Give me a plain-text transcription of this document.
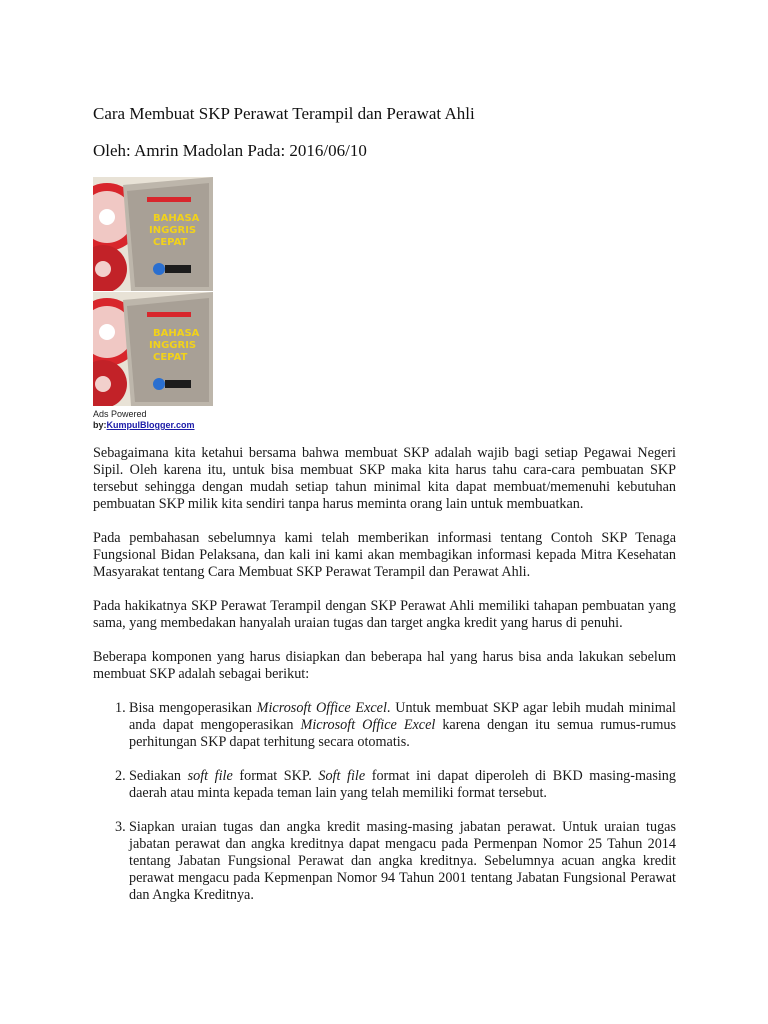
Cara Membuat SKP Perawat Terampil dan Perawat Ahli

Oleh: Amrin Madolan Pada: 2016/06/10

BAHASA
INGGRIS
CEPAT
BAHASA
INGGRIS
CEPAT
Ads Powered
by:KumpulBlogger.com

Sebagaimana kita ketahui bersama bahwa membuat SKP adalah wajib bagi setiap Pegawai Negeri Sipil. Oleh karena itu, untuk bisa membuat SKP maka kita harus tahu cara-cara pembuatan SKP tersebut sehingga dengan mudah setiap tahun minimal kita dapat membuat/memenuhi kebutuhan pembuatan SKP milik kita sendiri tanpa harus meminta orang lain untuk membuatkan.

Pada pembahasan sebelumnya kami telah memberikan informasi tentang Contoh SKP Tenaga Fungsional Bidan Pelaksana, dan kali ini kami akan membagikan informasi kepada Mitra Kesehatan Masyarakat tentang Cara Membuat SKP Perawat Terampil dan Perawat Ahli.

Pada hakikatnya SKP Perawat Terampil dengan SKP Perawat Ahli memiliki tahapan pembuatan yang sama, yang membedakan hanyalah uraian tugas dan target angka kredit yang harus di penuhi.

Beberapa komponen yang harus disiapkan dan beberapa hal yang harus bisa anda lakukan sebelum membuat SKP adalah sebagai berikut:

1. Bisa mengoperasikan Microsoft Office Excel. Untuk membuat SKP agar lebih mudah minimal anda dapat mengoperasikan Microsoft Office Excel karena dengan itu semua rumus-rumus perhitungan SKP dapat terhitung secara otomatis.
2. Sediakan soft file format SKP. Soft file format ini dapat diperoleh di BKD masing-masing daerah atau minta kepada teman lain yang telah memiliki format tersebut.
3. Siapkan uraian tugas dan angka kredit masing-masing jabatan perawat. Untuk uraian tugas jabatan perawat dan angka kreditnya dapat mengacu pada Permenpan Nomor 25 Tahun 2014 tentang Jabatan Fungsional Perawat dan angka kreditnya. Sebelumnya acuan angka kredit perawat mengacu pada Kepmenpan Nomor 94 Tahun 2001 tentang Jabatan Fungsional Perawat dan Angka Kreditnya.
